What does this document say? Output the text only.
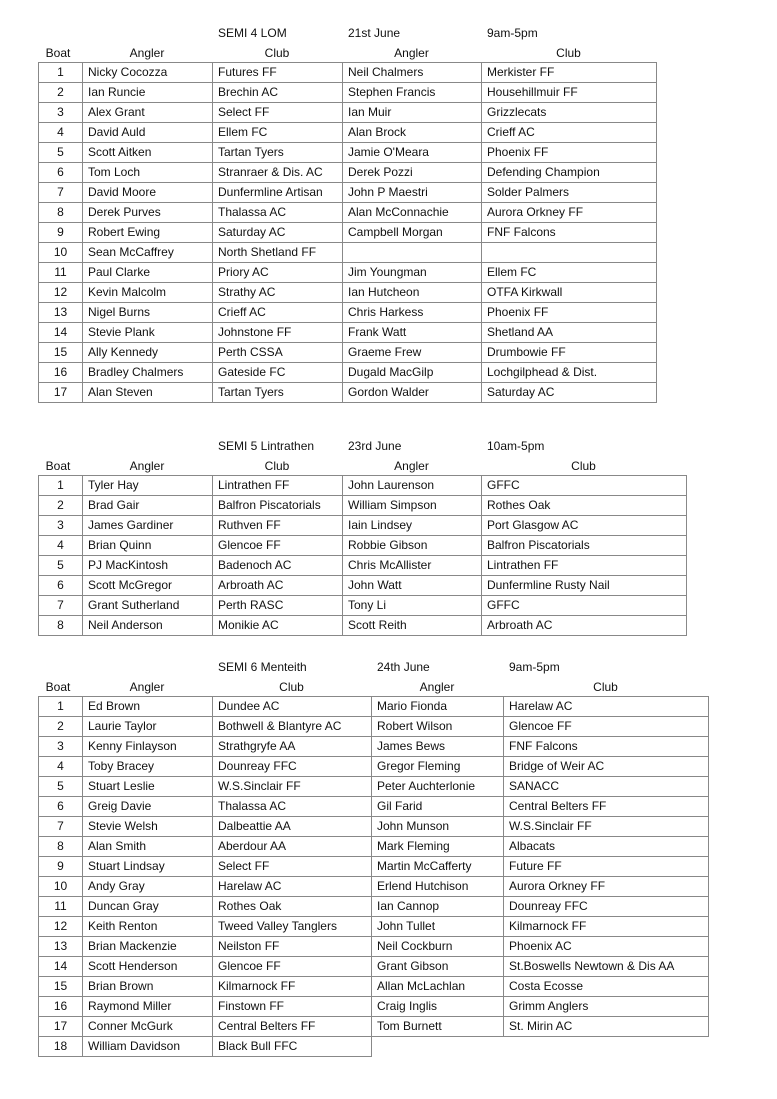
SEMI 4 LOM	21st June	9am-5pm
Boat	Angler	Club	Angler	Club
1	Nicky Cocozza	Futures FF	Neil Chalmers	Merkister FF
2	Ian Runcie	Brechin AC	Stephen Francis	Househillmuir FF
3	Alex Grant	Select FF	Ian Muir	Grizzlecats
4	David Auld	Ellem FC	Alan Brock	Crieff AC
5	Scott Aitken	Tartan Tyers	Jamie O'Meara	Phoenix FF
6	Tom Loch	Stranraer & Dis. AC	Derek Pozzi	Defending Champion
7	David Moore	Dunfermline Artisan	John P Maestri	Solder Palmers
8	Derek Purves	Thalassa AC	Alan McConnachie	Aurora Orkney FF
9	Robert Ewing	Saturday AC	Campbell Morgan	FNF Falcons
10	Sean McCaffrey	North Shetland FF		
11	Paul Clarke	Priory AC	Jim Youngman	Ellem FC
12	Kevin Malcolm	Strathy AC	Ian Hutcheon	OTFA Kirkwall
13	Nigel Burns	Crieff AC	Chris Harkess	Phoenix FF
14	Stevie Plank	Johnstone FF	Frank Watt	Shetland AA
15	Ally Kennedy	Perth CSSA	Graeme Frew	Drumbowie FF
16	Bradley Chalmers	Gateside FC	Dugald MacGilp	Lochgilphead & Dist.
17	Alan Steven	Tartan Tyers	Gordon Walder	Saturday AC
SEMI 5 Lintrathen	23rd June	10am-5pm
Boat	Angler	Club	Angler	Club
1	Tyler Hay	Lintrathen FF	John Laurenson	GFFC
2	Brad Gair	Balfron Piscatorials	William Simpson	Rothes Oak
3	James Gardiner	Ruthven FF	Iain Lindsey	Port Glasgow AC
4	Brian Quinn	Glencoe FF	Robbie Gibson	Balfron Piscatorials
5	PJ MacKintosh	Badenoch AC	Chris McAllister	Lintrathen FF
6	Scott McGregor	Arbroath AC	John Watt	Dunfermline Rusty Nail
7	Grant Sutherland	Perth RASC	Tony Li	GFFC
8	Neil Anderson	Monikie AC	Scott Reith	Arbroath AC
SEMI 6 Menteith	24th June	9am-5pm
Boat	Angler	Club	Angler	Club
1	Ed Brown	Dundee AC	Mario Fionda	Harelaw AC
2	Laurie Taylor	Bothwell & Blantyre AC	Robert Wilson	Glencoe FF
3	Kenny Finlayson	Strathgryfe AA	James Bews	FNF Falcons
4	Toby Bracey	Dounreay FFC	Gregor Fleming	Bridge of Weir AC
5	Stuart Leslie	W.S.Sinclair FF	Peter Auchterlonie	SANACC
6	Greig Davie	Thalassa AC	Gil Farid	Central Belters FF
7	Stevie Welsh	Dalbeattie AA	John Munson	W.S.Sinclair FF
8	Alan Smith	Aberdour AA	Mark Fleming	Albacats
9	Stuart Lindsay	Select FF	Martin McCafferty	Future FF
10	Andy Gray	Harelaw AC	Erlend Hutchison	Aurora Orkney FF
11	Duncan Gray	Rothes Oak	Ian Cannop	Dounreay FFC
12	Keith Renton	Tweed Valley Tanglers	John Tullet	Kilmarnock FF
13	Brian Mackenzie	Neilston FF	Neil Cockburn	Phoenix AC
14	Scott Henderson	Glencoe FF	Grant Gibson	St.Boswells Newtown & Dis AA
15	Brian Brown	Kilmarnock FF	Allan McLachlan	Costa Ecosse
16	Raymond Miller	Finstown FF	Craig Inglis	Grimm Anglers
17	Conner McGurk	Central Belters FF	Tom Burnett	St. Mirin AC
18	William Davidson	Black Bull FFC		
